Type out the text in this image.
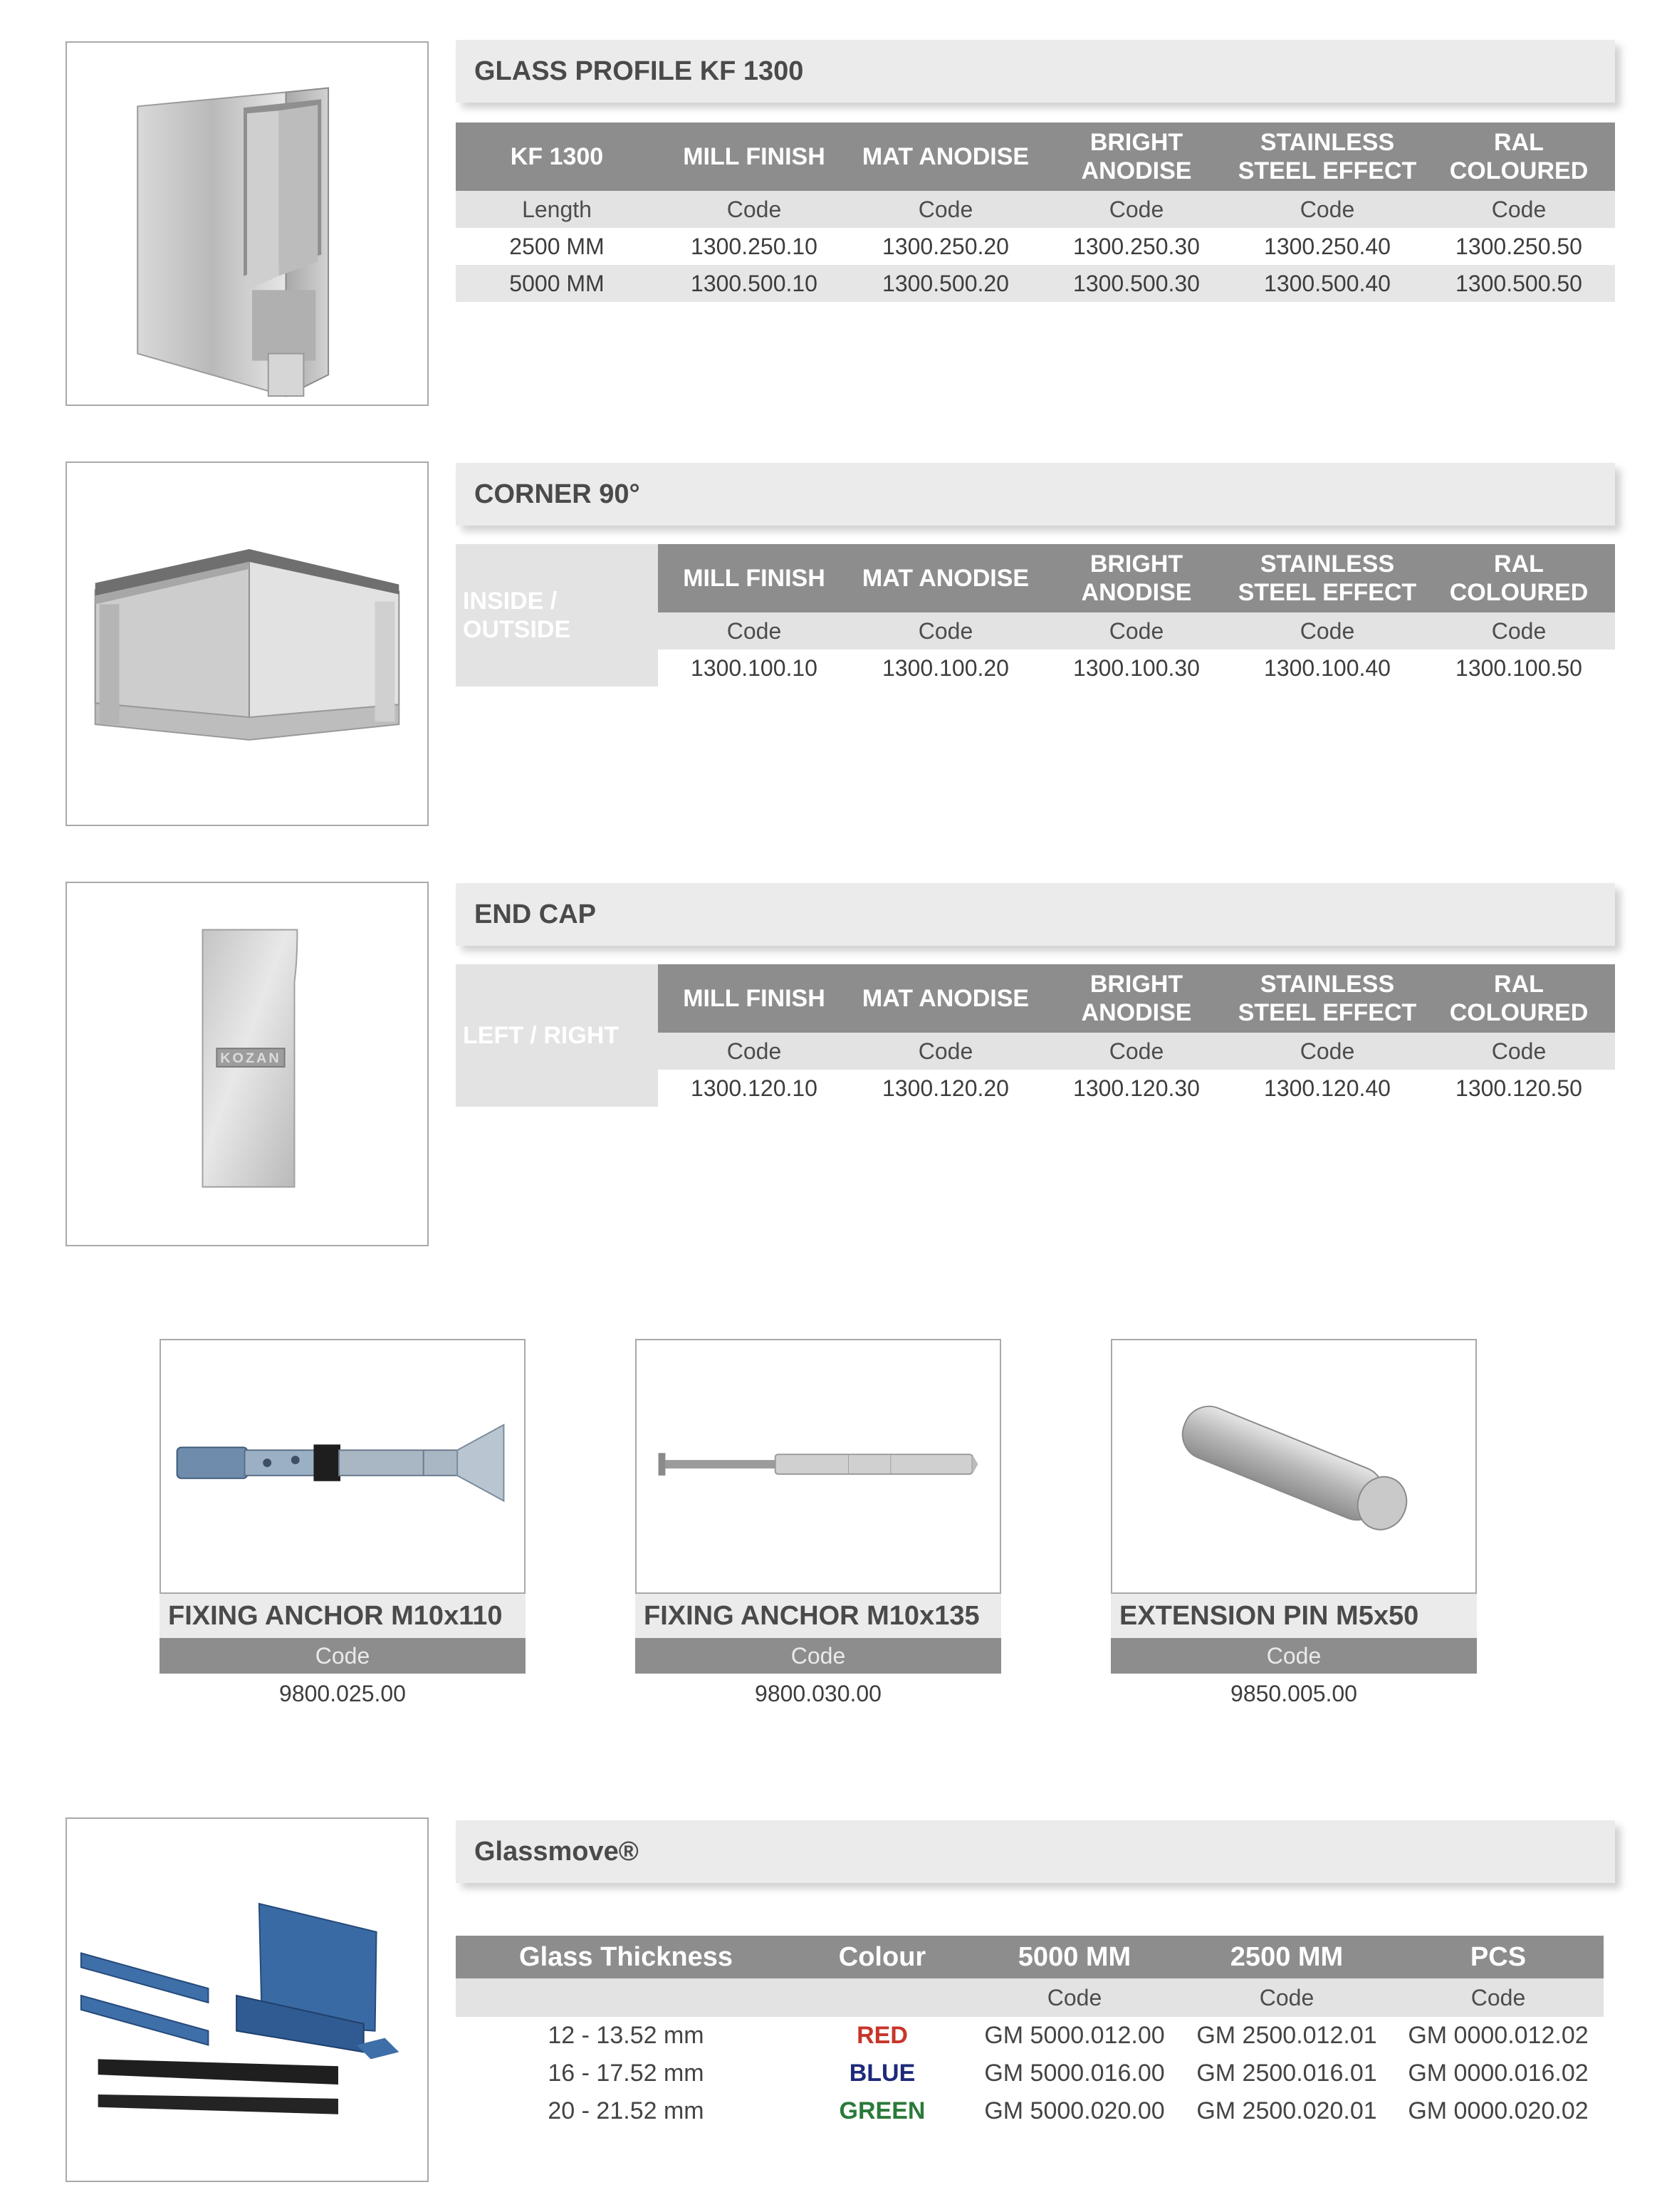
GLASS PROFILE KF 1300
KF 1300	MILL FINISH	MAT ANODISE	BRIGHT ANODISE	STAINLESS STEEL EFFECT	RAL COLOURED
Length	Code	Code	Code	Code	Code
2500 MM	1300.250.10	1300.250.20	1300.250.30	1300.250.40	1300.250.50
5000 MM	1300.500.10	1300.500.20	1300.500.30	1300.500.40	1300.500.50
CORNER 90°
INSIDE / OUTSIDE	MILL FINISH	MAT ANODISE	BRIGHT ANODISE	STAINLESS STEEL EFFECT	RAL COLOURED
	Code	Code	Code	Code	Code
	1300.100.10	1300.100.20	1300.100.30	1300.100.40	1300.100.50
KOZAN
END CAP
LEFT / RIGHT	MILL FINISH	MAT ANODISE	BRIGHT ANODISE	STAINLESS STEEL EFFECT	RAL COLOURED
	Code	Code	Code	Code	Code
	1300.120.10	1300.120.20	1300.120.30	1300.120.40	1300.120.50
FIXING ANCHOR M10x110
Code
9800.025.00
FIXING ANCHOR M10x135
Code
9800.030.00
EXTENSION PIN M5x50
Code
9850.005.00
Glassmove®
Glass Thickness	Colour	5000 MM	2500 MM	PCS
		Code	Code	Code
12 - 13.52 mm	RED	GM 5000.012.00	GM 2500.012.01	GM 0000.012.02
16 - 17.52 mm	BLUE	GM 5000.016.00	GM 2500.016.01	GM 0000.016.02
20 - 21.52 mm	GREEN	GM 5000.020.00	GM 2500.020.01	GM 0000.020.02
